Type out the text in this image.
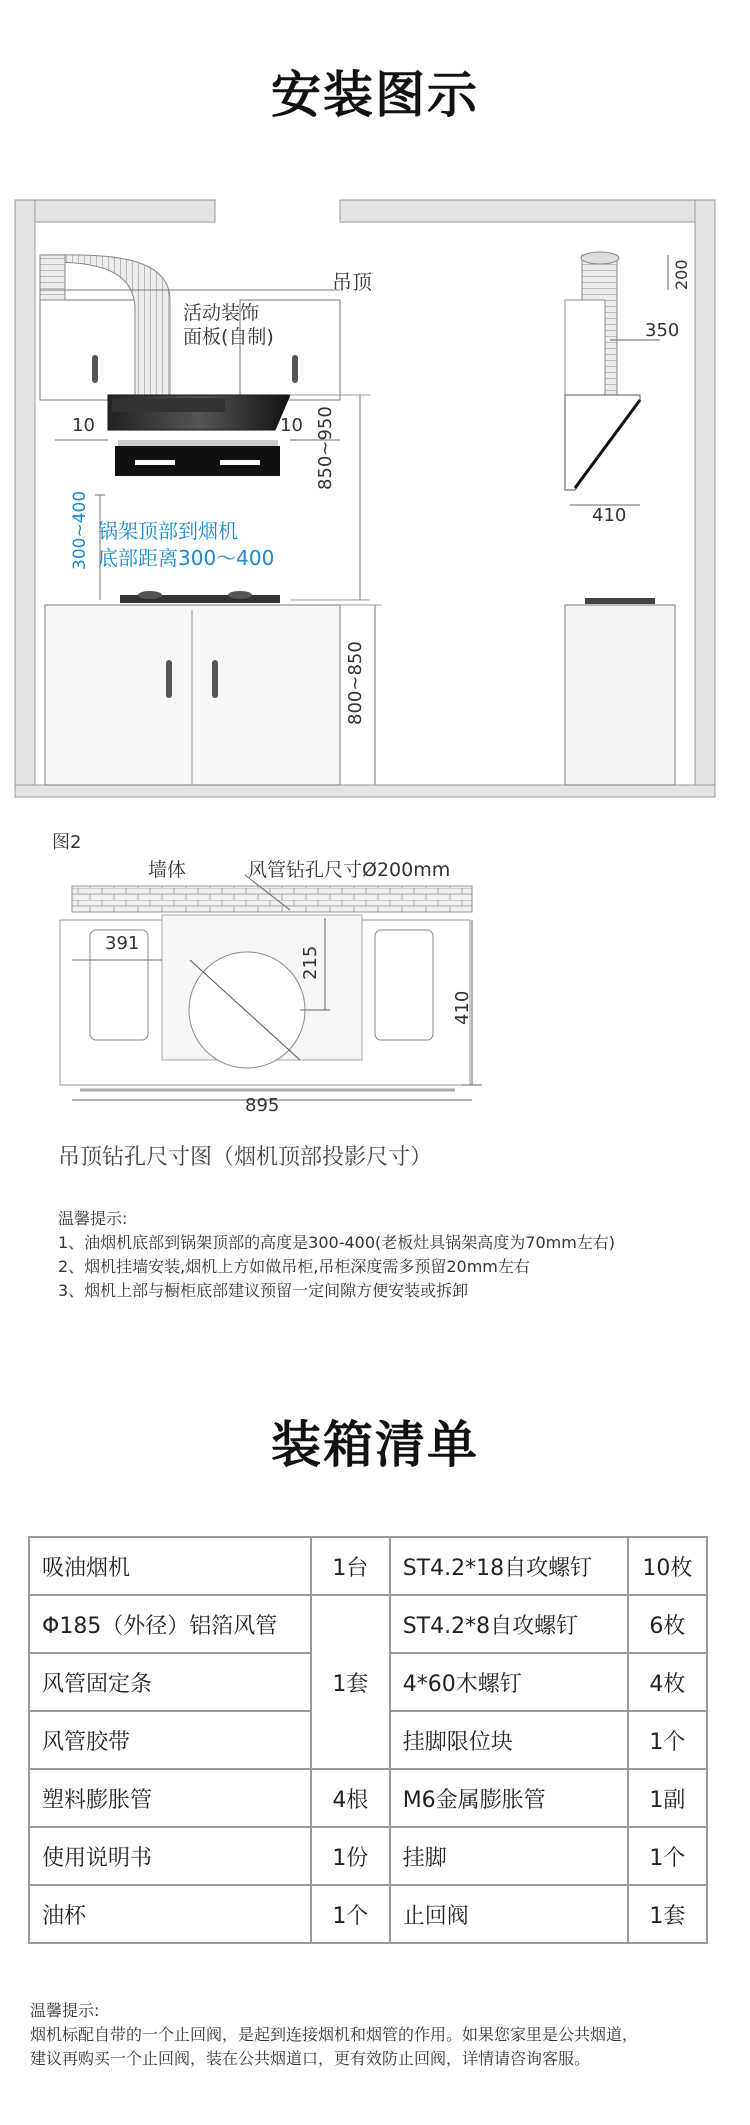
安装图示
吊顶
活动装饰
面板(自制)
10	10 850~950
300~400 锅架顶部到烟机
底部距离300～400
800~850
200
350
410
图2
墙体	风管钻孔尺寸Ø200mm
391
215
410
895
吊顶钻孔尺寸图（烟机顶部投影尺寸）
温馨提示:
1、油烟机底部到锅架顶部的高度是300-400(老板灶具锅架高度为70mm左右)
2、烟机挂墙安装,烟机上方如做吊柜,吊柜深度需多预留20mm左右
3、烟机上部与橱柜底部建议预留一定间隙方便安装或拆卸
装箱清单
吸油烟机	1台	ST4.2*18自攻螺钉	10枚
Φ185（外径）铝箔风管	1套	ST4.2*8自攻螺钉	6枚
风管固定条		4*60木螺钉	4枚
风管胶带		挂脚限位块	1个
塑料膨胀管	4根	M6金属膨胀管	1副
使用说明书	1份	挂脚	1个
油杯	1个	止回阀	1套
温馨提示:
烟机标配自带的一个止回阀，是起到连接烟机和烟管的作用。如果您家里是公共烟道，
建议再购买一个止回阀，装在公共烟道口，更有效防止回阀，详情请咨询客服。
